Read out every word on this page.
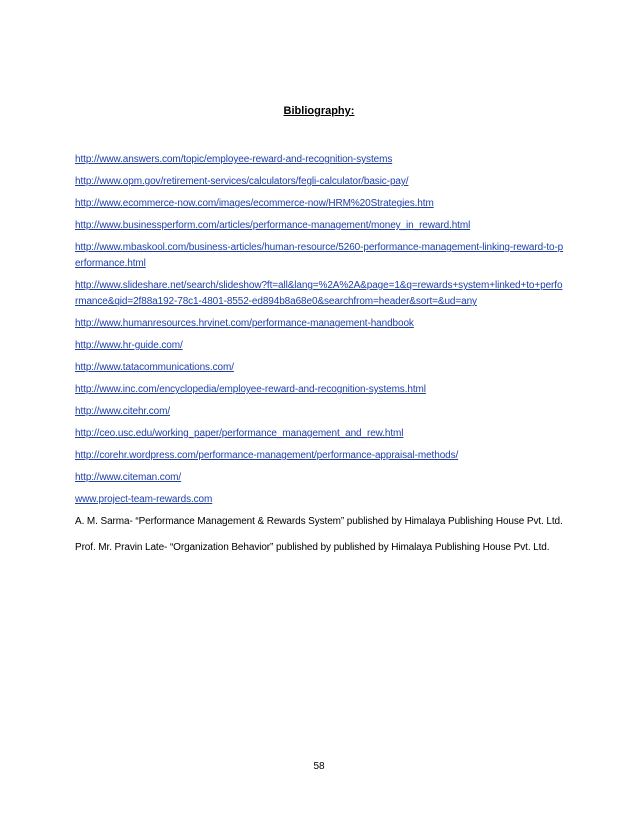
Bibliography:
http://www.answers.com/topic/employee-reward-and-recognition-systems
http://www.opm.gov/retirement-services/calculators/fegli-calculator/basic-pay/
http://www.ecommerce-now.com/images/ecommerce-now/HRM%20Strategies.htm
http://www.businessperform.com/articles/performance-management/money_in_reward.html
http://www.mbaskool.com/business-articles/human-resource/5260-performance-management-linking-reward-to-performance.html
http://www.slideshare.net/search/slideshow?ft=all&lang=%2A%2A&page=1&q=rewards+system+linked+to+performance&qid=2f88a192-78c1-4801-8552-ed894b8a68e0&searchfrom=header&sort=&ud=any
http://www.humanresources.hrvinet.com/performance-management-handbook
http://www.hr-guide.com/
http://www.tatacommunications.com/
http://www.inc.com/encyclopedia/employee-reward-and-recognition-systems.html
http://www.citehr.com/
http://ceo.usc.edu/working_paper/performance_management_and_rew.html
http://corehr.wordpress.com/performance-management/performance-appraisal-methods/
http://www.citeman.com/
www.project-team-rewards.com
A. M. Sarma- “Performance Management & Rewards System” published by Himalaya Publishing House Pvt. Ltd.
Prof. Mr. Pravin Late- “Organization Behavior” published by published by Himalaya Publishing House Pvt. Ltd.
58
